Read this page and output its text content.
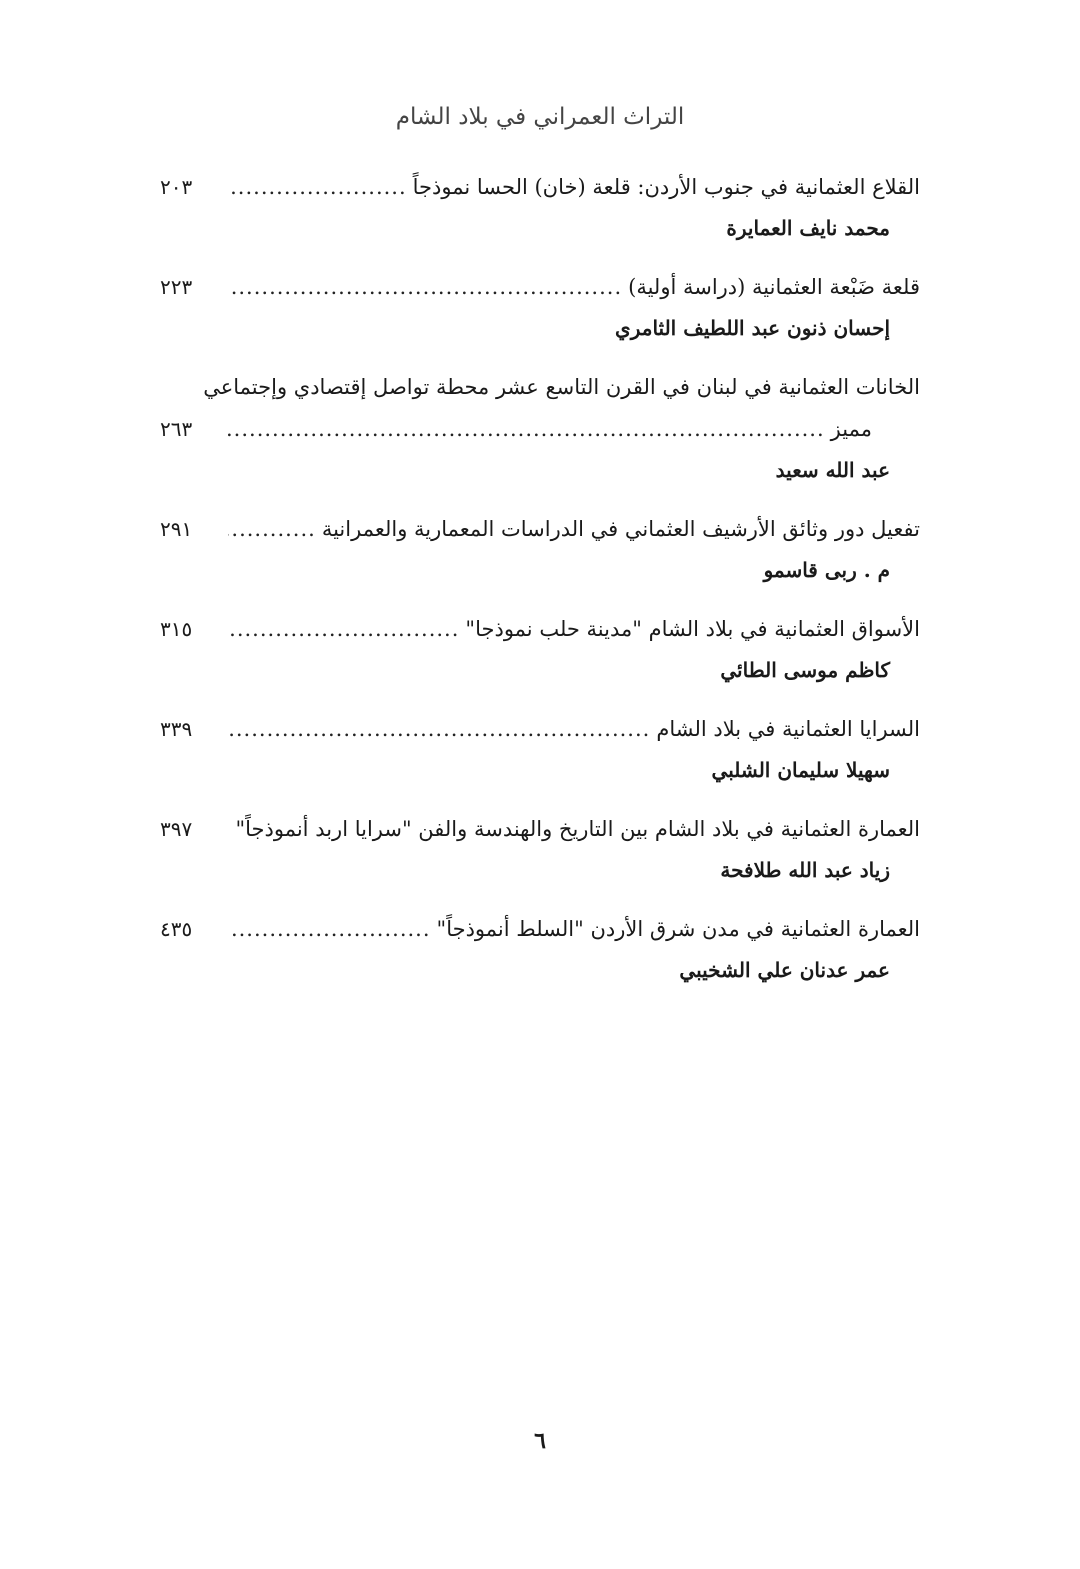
التراث العمراني في بلاد الشام
القلاع العثمانية في جنوب الأردن: قلعة (خان) الحسا نموذجاً
.....
٢٠٣
محمد نايف العمايرة
قلعة ضَبْعة العثمانية (دراسة أولية)
.....
٢٢٣
إحسان ذنون عبد اللطيف الثامري
الخانات العثمانية في لبنان في القرن التاسع عشر محطة تواصل إقتصادي وإجتماعي
مميز
.....
٢٦٣
عبد الله سعيد
تفعيل دور وثائق الأرشيف العثماني في الدراسات المعمارية والعمرانية
.....
٢٩١
م . ربى قاسمو
الأسواق العثمانية في بلاد الشام "مدينة حلب نموذجا"
.....
٣١٥
كاظم موسى الطائي
السرايا العثمانية في بلاد الشام
.....
٣٣٩
سهيلا سليمان الشلبي
العمارة العثمانية في بلاد الشام بين التاريخ والهندسة والفن "سرايا اربد أنموذجاً"
.....
٣٩٧
زياد عبد الله طلافحة
العمارة العثمانية في مدن شرق الأردن "السلط أنموذجاً"
.....
٤٣٥
عمر عدنان علي الشخيبي
٦
